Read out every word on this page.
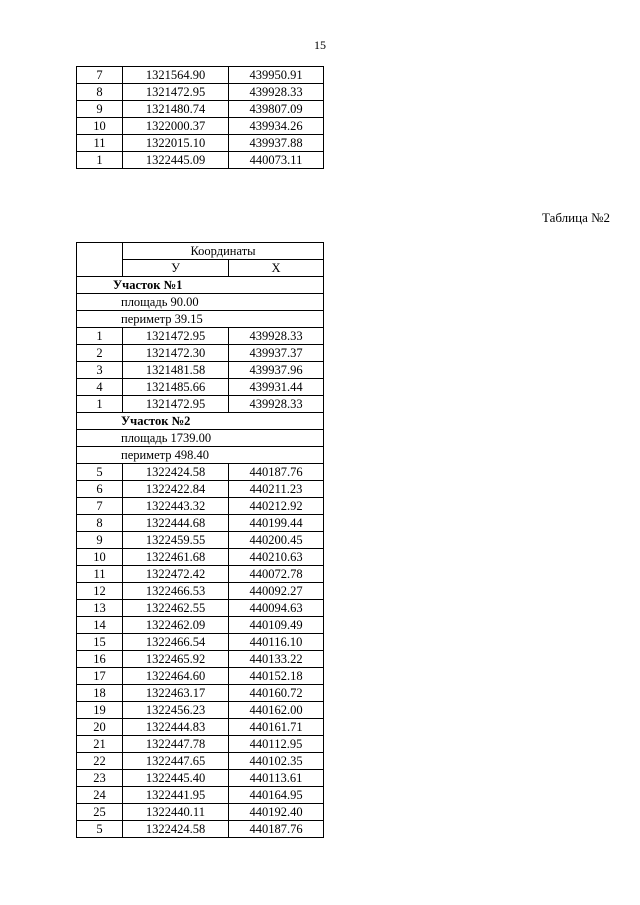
15
7	1321564.90	439950.91
8	1321472.95	439928.33
9	1321480.74	439807.09
10	1322000.37	439934.26
11	1322015.10	439937.88
1	1322445.09	440073.11
Таблица №2
	Координаты	
	У	Х
Участок №1		
площадь 90.00		
периметр 39.15		
1	1321472.95	439928.33
2	1321472.30	439937.37
3	1321481.58	439937.96
4	1321485.66	439931.44
1	1321472.95	439928.33
Участок №2		
площадь 1739.00		
периметр 498.40		
5	1322424.58	440187.76
6	1322422.84	440211.23
7	1322443.32	440212.92
8	1322444.68	440199.44
9	1322459.55	440200.45
10	1322461.68	440210.63
11	1322472.42	440072.78
12	1322466.53	440092.27
13	1322462.55	440094.63
14	1322462.09	440109.49
15	1322466.54	440116.10
16	1322465.92	440133.22
17	1322464.60	440152.18
18	1322463.17	440160.72
19	1322456.23	440162.00
20	1322444.83	440161.71
21	1322447.78	440112.95
22	1322447.65	440102.35
23	1322445.40	440113.61
24	1322441.95	440164.95
25	1322440.11	440192.40
5	1322424.58	440187.76
